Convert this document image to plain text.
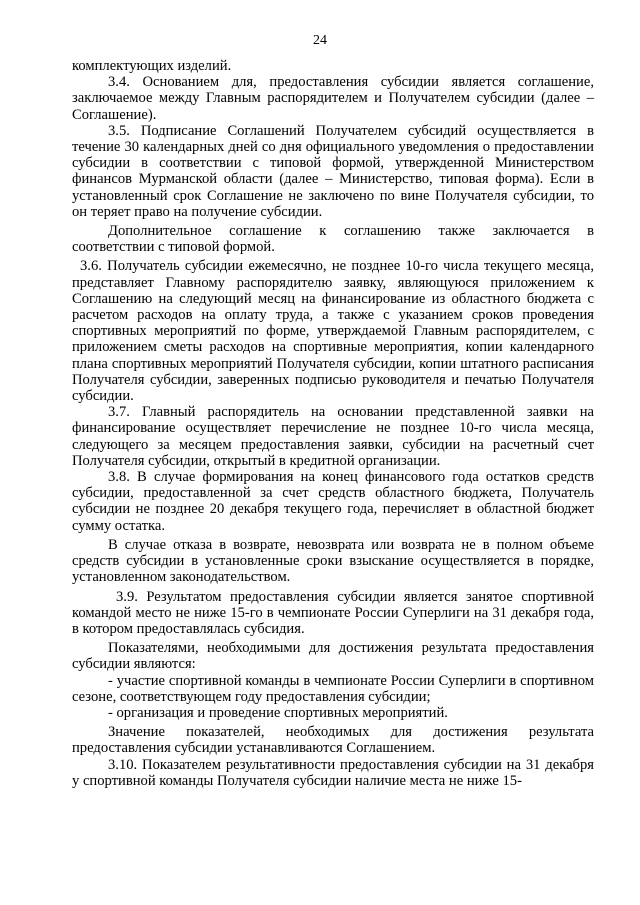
24

комплектующих изделий.

3.4. Основанием для, предоставления субсидии является соглашение, заключаемое между Главным распорядителем и Получателем субсидии (далее – Соглашение).

3.5. Подписание Соглашений Получателем субсидий осуществляется в течение 30 календарных дней со дня официального уведомления о предоставлении субсидии в соответствии с типовой формой, утвержденной Министерством финансов Мурманской области (далее – Министерство, типовая форма). Если в установленный срок Соглашение не заключено по вине Получателя субсидии, то он теряет право на получение субсидии.

Дополнительное соглашение к соглашению также заключается в соответствии с типовой формой.

3.6. Получатель субсидии ежемесячно, не позднее 10-го числа текущего месяца, представляет Главному распорядителю заявку, являющуюся приложением к Соглашению на следующий месяц на финансирование из областного бюджета с расчетом расходов на оплату труда, а также с указанием сроков проведения спортивных мероприятий по форме, утверждаемой Главным распорядителем, с приложением сметы расходов на спортивные мероприятия, копии календарного плана спортивных мероприятий Получателя субсидии, копии штатного расписания Получателя субсидии, заверенных подписью руководителя и печатью Получателя субсидии.

3.7. Главный распорядитель на основании представленной заявки на финансирование осуществляет перечисление не позднее 10-го числа месяца, следующего за месяцем предоставления заявки, субсидии на расчетный счет Получателя субсидии, открытый в кредитной организации.

3.8. В случае формирования на конец финансового года остатков средств субсидии, предоставленной за счет средств областного бюджета, Получатель субсидии не позднее 20 декабря текущего года, перечисляет в областной бюджет сумму остатка.

В случае отказа в возврате, невозврата или возврата не в полном объеме средств субсидии в установленные сроки взыскание осуществляется в порядке, установленном законодательством.

3.9. Результатом предоставления субсидии является занятое спортивной командой место не ниже 15-го в чемпионате России Суперлиги на 31 декабря года, в котором предоставлялась субсидия.

Показателями, необходимыми для достижения результата предоставления субсидии являются:

- участие спортивной команды в чемпионате России Суперлиги в спортивном сезоне, соответствующем году предоставления субсидии;

- организация и проведение спортивных мероприятий.

Значение показателей, необходимых для достижения результата предоставления субсидии устанавливаются Соглашением.

3.10. Показателем результативности предоставления субсидии на 31 декабря у спортивной команды Получателя субсидии наличие места не ниже 15-
